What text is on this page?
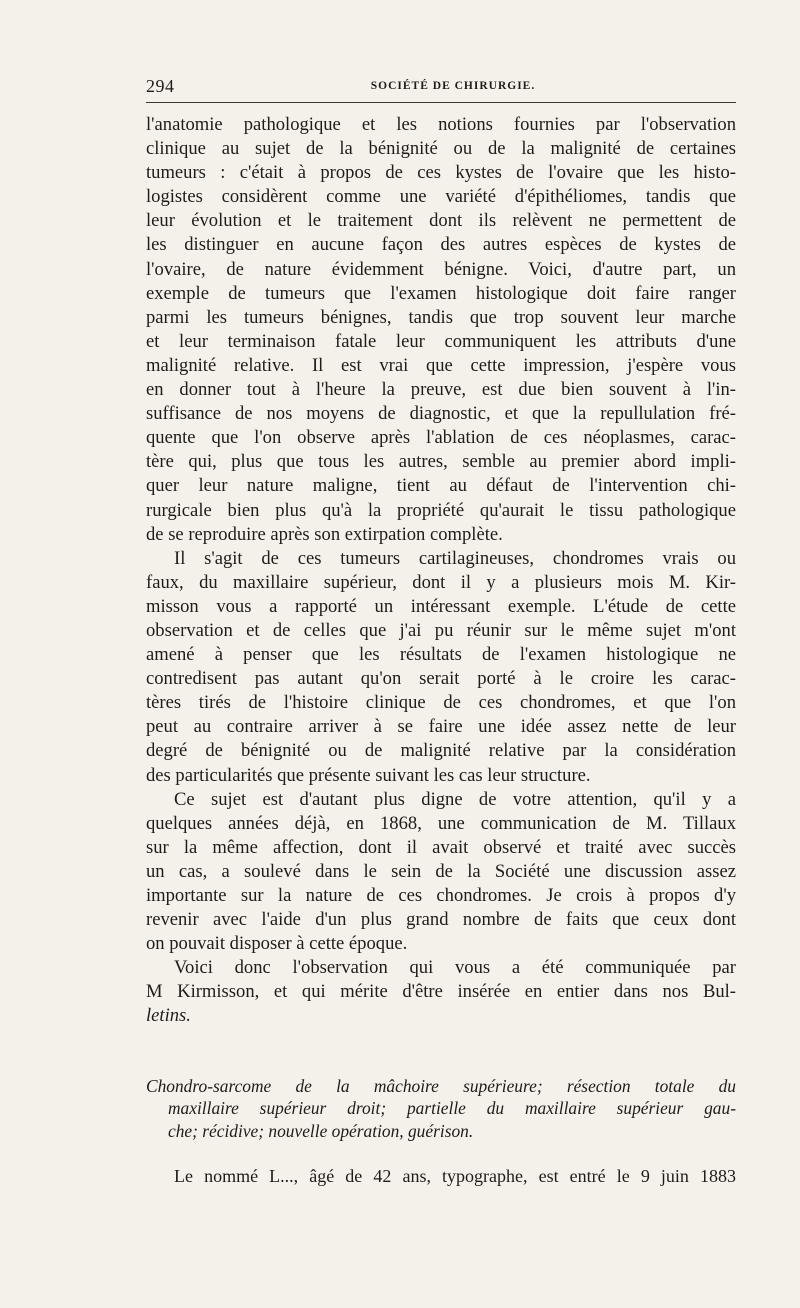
294	SOCIÉTÉ DE CHIRURGIE.

l'anatomie pathologique et les notions fournies par l'observation
clinique au sujet de la bénignité ou de la malignité de certaines
tumeurs : c'était à propos de ces kystes de l'ovaire que les histo-
logistes considèrent comme une variété d'épithéliomes, tandis que
leur évolution et le traitement dont ils relèvent ne permettent de
les distinguer en aucune façon des autres espèces de kystes de
l'ovaire, de nature évidemment bénigne. Voici, d'autre part, un
exemple de tumeurs que l'examen histologique doit faire ranger
parmi les tumeurs bénignes, tandis que trop souvent leur marche
et leur terminaison fatale leur communiquent les attributs d'une
malignité relative. Il est vrai que cette impression, j'espère vous
en donner tout à l'heure la preuve, est due bien souvent à l'in-
suffisance de nos moyens de diagnostic, et que la repullulation fré-
quente que l'on observe après l'ablation de ces néoplasmes, carac-
tère qui, plus que tous les autres, semble au premier abord impli-
quer leur nature maligne, tient au défaut de l'intervention chi-
rurgicale bien plus qu'à la propriété qu'aurait le tissu pathologique
de se reproduire après son extirpation complète.

Il s'agit de ces tumeurs cartilagineuses, chondromes vrais ou
faux, du maxillaire supérieur, dont il y a plusieurs mois M. Kir-
misson vous a rapporté un intéressant exemple. L'étude de cette
observation et de celles que j'ai pu réunir sur le même sujet m'ont
amené à penser que les résultats de l'examen histologique ne
contredisent pas autant qu'on serait porté à le croire les carac-
tères tirés de l'histoire clinique de ces chondromes, et que l'on
peut au contraire arriver à se faire une idée assez nette de leur
degré de bénignité ou de malignité relative par la considération
des particularités que présente suivant les cas leur structure.

Ce sujet est d'autant plus digne de votre attention, qu'il y a
quelques années déjà, en 1868, une communication de M. Tillaux
sur la même affection, dont il avait observé et traité avec succès
un cas, a soulevé dans le sein de la Société une discussion assez
importante sur la nature de ces chondromes. Je crois à propos d'y
revenir avec l'aide d'un plus grand nombre de faits que ceux dont
on pouvait disposer à cette époque.

Voici donc l'observation qui vous a été communiquée par
M Kirmisson, et qui mérite d'être insérée en entier dans nos Bul-
letins.

Chondro-sarcome de la mâchoire supérieure; résection totale du
maxillaire supérieur droit; partielle du maxillaire supérieur gau-
che; récidive; nouvelle opération, guérison.

Le nommé L..., âgé de 42 ans, typographe, est entré le 9 juin 1883
